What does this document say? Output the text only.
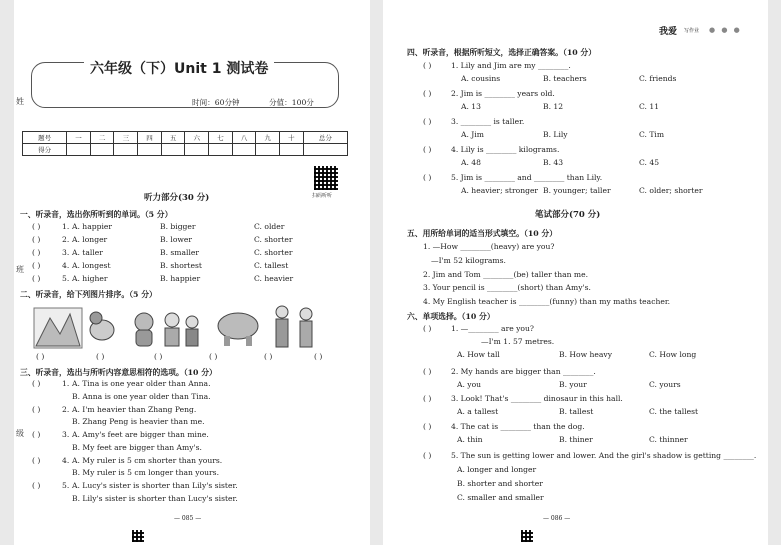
姓
班
级
六年级（下）Unit 1 测试卷
时间：60分钟	分值：100分
题号	一	二	三	四	五	六	七	八	九	十	总分
得分											
扫码听听
听力部分(30 分)
一、听录音，选出你所听到的单词。（5 分）
( )	1. A. happier	B. bigger	C. older
( )	2. A. longer	B. lower	C. shorter
( )	3. A. taller	B. smaller	C. shorter
( )	4. A. longest	B. shortest	C. tallest
( )	5. A. higher	B. happier	C. heavier
二、听录音，给下列图片排序。（5 分）
( )	( )	( )	( )	( )	( )
三、听录音，选出与所听内容意思相符的选项。（10 分）
( )	1. A. Tina is one year older than Anna.
B. Anna is one year older than Tina.
( )	2. A. I'm heavier than Zhang Peng.
B. Zhang Peng is heavier than me.
( )	3. A. Amy's feet are bigger than mine.
B. My feet are bigger than Amy's.
( )	4. A. My ruler is 5 cm shorter than yours.
B. My ruler is 5 cm longer than yours.
( )	5. A. Lucy's sister is shorter than Lily's sister.
B. Lily's sister is shorter than Lucy's sister.
— 085 —
我爱 写作业 ● ● ●
四、听录音，根据所听短文，选择正确答案。（10 分）
( )	1. Lily and Jim are my ________.
A. cousins	B. teachers	C. friends
( )	2. Jim is ________ years old.
A. 13	B. 12	C. 11
( )	3. ________ is taller.
A. Jim	B. Lily	C. Tim
( )	4. Lily is ________ kilograms.
A. 48	B. 43	C. 45
( )	5. Jim is ________ and ________ than Lily.
A. heavier; stronger B. younger; taller	C. older; shorter
笔试部分(70 分)
五、用所给单词的适当形式填空。（10 分）
1. —How ________(heavy) are you?
—I'm 52 kilograms.
2. Jim and Tom ________(be) taller than me.
3. Your pencil is ________(short) than Amy's.
4. My English teacher is ________(funny) than my maths teacher.
六、单项选择。（10 分）
( )	1. —________ are you?
—I'm 1. 57 metres.
A. How tall	B. How heavy	C. How long
( )	2. My hands are bigger than ________.
A. you	B. your	C. yours
( )	3. Look! That's ________ dinosaur in this hall.
A. a tallest	B. tallest	C. the tallest
( )	4. The cat is ________ than the dog.
A. thin	B. thiner	C. thinner
( )	5. The sun is getting lower and lower. And the girl's shadow is getting ________.
A. longer and longer
B. shorter and shorter
C. smaller and smaller
— 086 —
